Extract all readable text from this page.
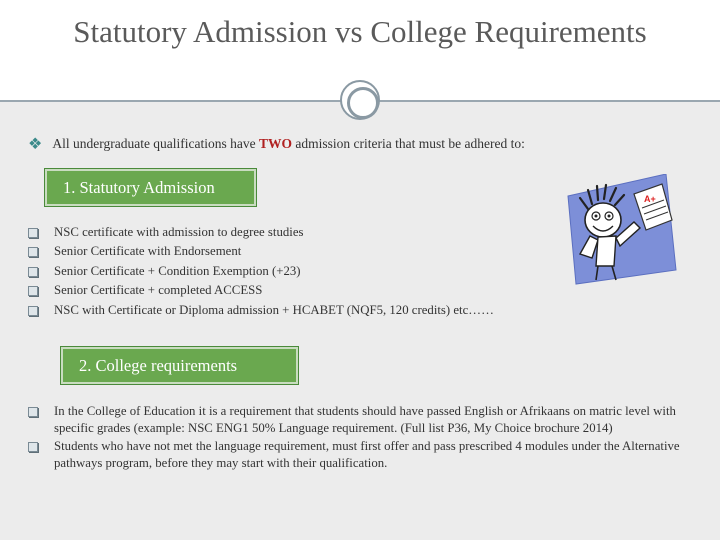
Statutory Admission vs College Requirements
❖ All undergraduate qualifications have TWO admission criteria that must be adhered to:
1. Statutory Admission
NSC certificate with admission to degree studies
Senior Certificate with Endorsement
Senior Certificate + Condition Exemption (+23)
Senior Certificate + completed ACCESS
NSC with Certificate or Diploma admission + HCABET (NQF5, 120 credits) etc……
2. College requirements
In the College of Education it is a requirement that students should have passed English or Afrikaans on matric level with specific grades (example: NSC ENG1 50% Language requirement. (Full list P36, My Choice brochure 2014)
Students who have not met the language requirement, must first offer and pass prescribed 4 modules under the Alternative pathways program, before they may start with their qualification.
A+
